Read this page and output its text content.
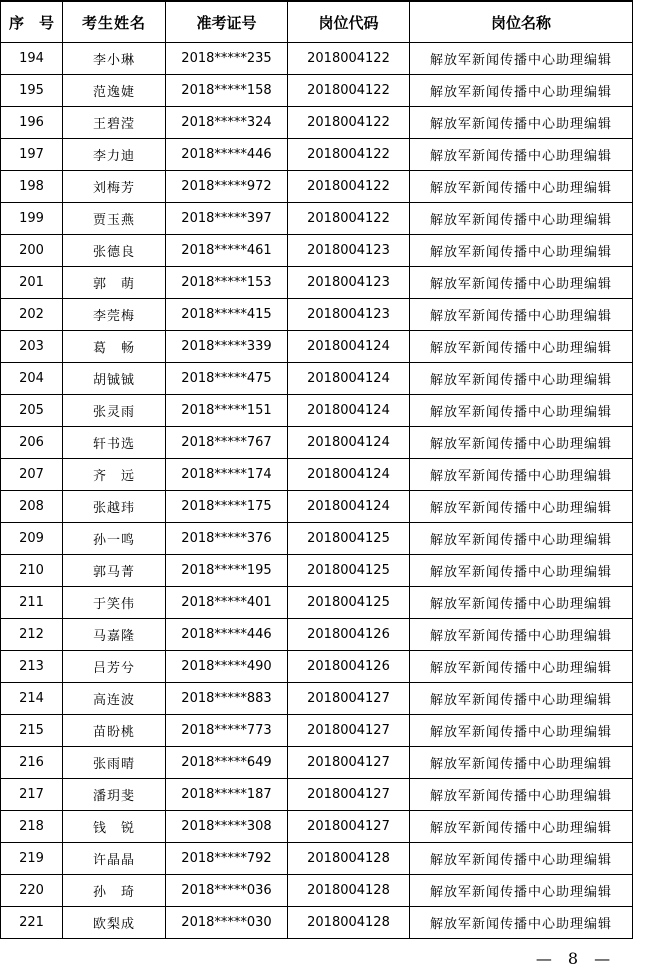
序　号	考生姓名	准考证号	岗位代码	岗位名称
194	李小琳	2018*****235	2018004122	解放军新闻传播中心助理编辑
195	范逸婕	2018*****158	2018004122	解放军新闻传播中心助理编辑
196	王碧滢	2018*****324	2018004122	解放军新闻传播中心助理编辑
197	李力迪	2018*****446	2018004122	解放军新闻传播中心助理编辑
198	刘梅芳	2018*****972	2018004122	解放军新闻传播中心助理编辑
199	贾玉燕	2018*****397	2018004122	解放军新闻传播中心助理编辑
200	张德良	2018*****461	2018004123	解放军新闻传播中心助理编辑
201	郭　萌	2018*****153	2018004123	解放军新闻传播中心助理编辑
202	李莞梅	2018*****415	2018004123	解放军新闻传播中心助理编辑
203	葛　畅	2018*****339	2018004124	解放军新闻传播中心助理编辑
204	胡铖铖	2018*****475	2018004124	解放军新闻传播中心助理编辑
205	张灵雨	2018*****151	2018004124	解放军新闻传播中心助理编辑
206	轩书选	2018*****767	2018004124	解放军新闻传播中心助理编辑
207	齐　远	2018*****174	2018004124	解放军新闻传播中心助理编辑
208	张越玮	2018*****175	2018004124	解放军新闻传播中心助理编辑
209	孙一鸣	2018*****376	2018004125	解放军新闻传播中心助理编辑
210	郭马菁	2018*****195	2018004125	解放军新闻传播中心助理编辑
211	于笑伟	2018*****401	2018004125	解放军新闻传播中心助理编辑
212	马嘉隆	2018*****446	2018004126	解放军新闻传播中心助理编辑
213	吕芳兮	2018*****490	2018004126	解放军新闻传播中心助理编辑
214	高连波	2018*****883	2018004127	解放军新闻传播中心助理编辑
215	苗盼桃	2018*****773	2018004127	解放军新闻传播中心助理编辑
216	张雨晴	2018*****649	2018004127	解放军新闻传播中心助理编辑
217	潘玥斐	2018*****187	2018004127	解放军新闻传播中心助理编辑
218	钱　锐	2018*****308	2018004127	解放军新闻传播中心助理编辑
219	许晶晶	2018*****792	2018004128	解放军新闻传播中心助理编辑
220	孙　琦	2018*****036	2018004128	解放军新闻传播中心助理编辑
221	欧梨成	2018*****030	2018004128	解放军新闻传播中心助理编辑
—　8　—
